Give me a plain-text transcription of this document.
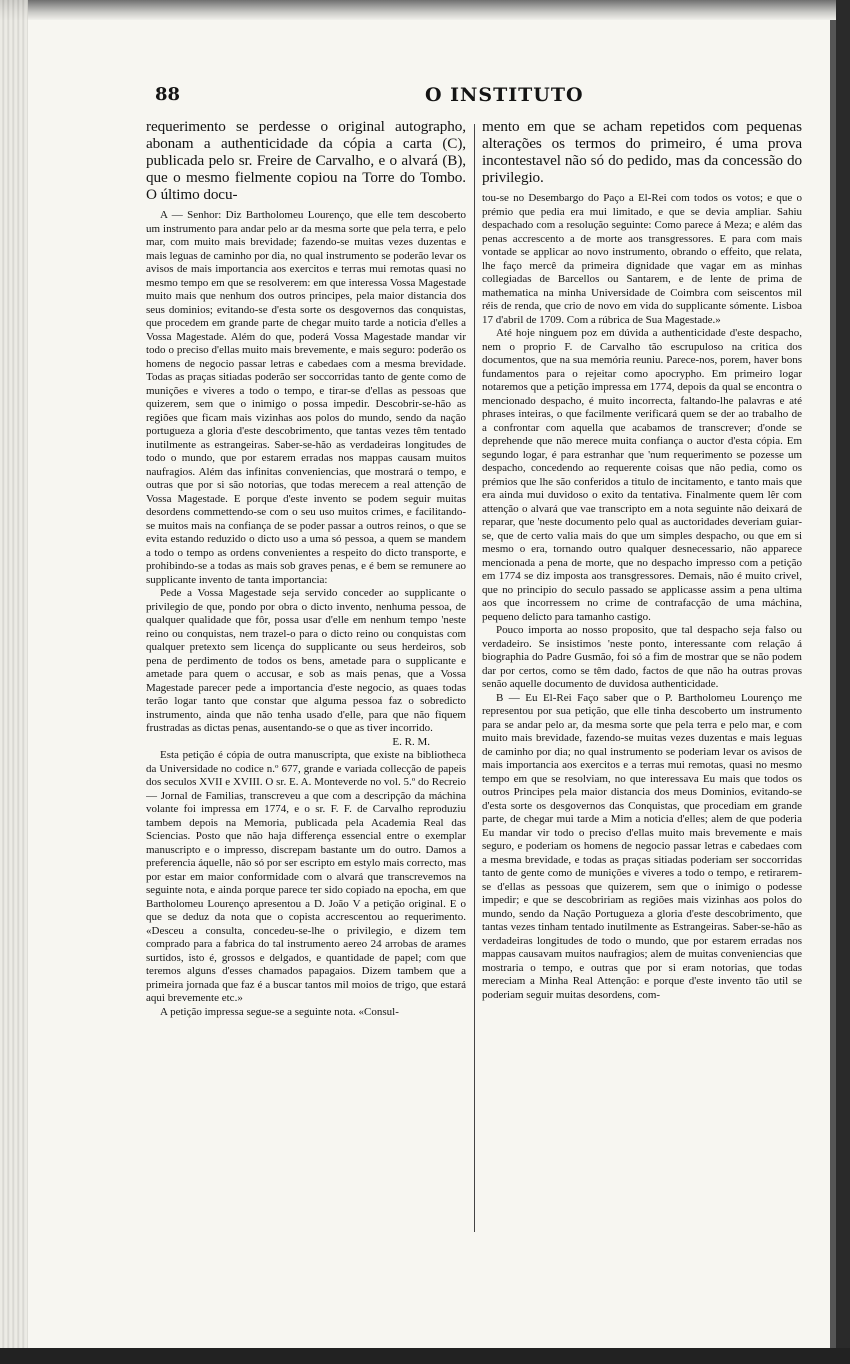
88	O INSTITUTO
requerimento se perdesse o original autographo, abonam a authenticidade da cópia a carta (C), publicada pelo sr. Freire de Carvalho, e o alvará (B), que o mesmo fielmente copiou na Torre do Tombo. O último docu-

A — Senhor: Diz Bartholomeu Lourenço, que elle tem descoberto um instrumento para andar pelo ar da mesma sorte que pela terra, e pelo mar, com muito mais brevidade; fazendo-se muitas vezes duzentas e mais leguas de caminho por dia, no qual instrumento se poderão levar os avisos de mais importancia aos exercitos e terras mui remotas quasi no mesmo tempo em que se resolverem: em que interessa Vossa Magestade muito mais que nenhum dos outros principes, pela maior distancia dos seus dominios; evitando-se d'esta sorte os desgovernos das conquistas, que procedem em grande parte de chegar muito tarde a noticia d'elles a Vossa Magestade. Além do que, poderá Vossa Magestade mandar vir todo o preciso d'ellas muito mais brevemente, e mais seguro: poderão os homens de negocio passar letras e cabedaes com a mesma brevidade. Todas as praças sitiadas poderão ser soccorridas tanto de gente como de munições e viveres a todo o tempo, e tirar-se d'ellas as pessoas que quizerem, sem que o inimigo o possa impedir. Descobrir-se-hão as regiões que ficam mais vizinhas aos polos do mundo, sendo da nação portugueza a gloria d'este descobrimento, que tantas vezes têm tentado inutilmente as estrangeiras. Saber-se-hão as verdadeiras longitudes de todo o mundo, que por estarem erradas nos mappas causam muitos naufragios. Além das infinitas conveniencias, que mostrará o tempo, e outras que por si são notorias, que todas merecem a real attenção de Vossa Magestade. E porque d'este invento se podem seguir muitas desordens commettendo-se com o seu uso muitos crimes, e facilitando-se muitos mais na confiança de se poder passar a outros reinos, o que se evita estando reduzido o dicto uso a uma só pessoa, a quem se mandem a todo o tempo as ordens convenientes a respeito do dicto transporte, e prohibindo-se a todas as mais sob graves penas, e é bem se remunere ao supplicante invento de tanta importancia:

Pede a Vossa Magestade seja servido conceder ao supplicante o privilegio de que, pondo por obra o dicto invento, nenhuma pessoa, de qualquer qualidade que fôr, possa usar d'elle em nenhum tempo 'neste reino ou conquistas, nem trazel-o para o dicto reino ou conquistas com qualquer pretexto sem licença do supplicante ou seus herdeiros, sob pena de perdimento de todos os bens, ametade para o supplicante e ametade para quem o accusar, e sob as mais penas, que a Vossa Magestade parecer pede a importancia d'este negocio, as quaes todas terão logar tanto que constar que alguma pessoa faz o sobredicto instrumento, ainda que não tenha usado d'elle, para que não fiquem frustradas as dictas penas, ausentando-se o que as tiver incorrido.

E. R. M.

Esta petição é cópia de outra manuscripta, que existe na bibliotheca da Universidade no codice n.º 677, grande e variada collecção de papeis dos seculos XVII e XVIII. O sr. E. A. Monteverde no vol. 5.º do Recreio — Jornal de Familias, transcreveu a que com a descripção da máchina volante foi impressa em 1774, e o sr. F. F. de Carvalho reproduziu tambem depois na Memoria, publicada pela Academia Real das Sciencias. Posto que não haja differença essencial entre o exemplar manuscripto e o impresso, discrepam bastante um do outro. Damos a preferencia áquelle, não só por ser escripto em estylo mais correcto, mas por estar em maior conformidade com o alvará que transcrevemos na seguinte nota, e ainda porque parece ter sido copiado na epocha, em que Bartholomeu Lourenço apresentou a D. João V a petição original. E o que se deduz da nota que o copista accrescentou ao requerimento. «Desceu a consulta, concedeu-se-lhe o privilegio, e dizem tem comprado para a fabrica do tal instrumento aereo 24 arrobas de arames surtidos, isto é, grossos e delgados, e quantidade de papel; com que teremos alguns d'esses chamados papagaios. Dizem tambem que a primeira jornada que faz é a buscar tantos mil moios de trigo, que estará aqui brevemente etc.»

A petição impressa segue-se a seguinte nota. «Consul-

mento em que se acham repetidos com pequenas alterações os termos do primeiro, é uma prova incontestavel não só do pedido, mas da concessão do privilegio.

tou-se no Desembargo do Paço a El-Rei com todos os votos; e que o prémio que pedia era mui limitado, e que se devia ampliar. Sahiu despachado com a resolução seguinte: Como parece á Meza; e além das penas accrescento a de morte aos transgressores. E para com mais vontade se applicar ao novo instrumento, obrando o effeito, que relata, lhe faço mercê da primeira dignidade que vagar em as minhas collegiadas de Barcellos ou Santarem, e de lente de prima de mathematica na minha Universidade de Coimbra com seiscentos mil réis de renda, que crio de novo em vida do supplicante sómente. Lisboa 17 d'abril de 1709. Com a rúbrica de Sua Magestade.»

Até hoje ninguem poz em dúvida a authenticidade d'este despacho, nem o proprio F. de Carvalho tão escrupuloso na critica dos documentos, que na sua memória reuniu. Parece-nos, porem, haver bons fundamentos para o rejeitar como apocrypho. Em primeiro logar notaremos que a petição impressa em 1774, depois da qual se encontra o mencionado despacho, é muito incorrecta, faltando-lhe palavras e até phrases inteiras, o que facilmente verificará quem se der ao trabalho de a confrontar com aquella que acabamos de transcrever; d'onde se deprehende que não merece muita confiança o auctor d'esta cópia. Em segundo logar, é para estranhar que 'num requerimento se pozesse um despacho, concedendo ao requerente coisas que não pedia, como os prémios que lhe são conferidos a titulo de incitamento, e tanto mais que era ainda mui duvidoso o exito da tentativa. Finalmente quem lêr com attenção o alvará que vae transcripto em a nota seguinte não deixará de reparar, que 'neste documento pelo qual as auctoridades deveriam guiar-se, que de certo valia mais do que um simples despacho, ou que em si mesmo o era, tornando outro qualquer desnecessario, não apparece mencionada a pena de morte, que no despacho impresso com a petição em 1774 se diz imposta aos transgressores. Demais, não é muito crivel, que no principio do seculo passado se applicasse assim a pena ultima aos que incorressem no crime de contrafacção de uma máchina, pequeno delicto para tamanho castigo.

Pouco importa ao nosso proposito, que tal despacho seja falso ou verdadeiro. Se insistimos 'neste ponto, interessante com relação á biographia do Padre Gusmão, foi só a fim de mostrar que se não podem dar por certos, como se têm dado, factos de que não ha outras provas senão aquelle documento de duvidosa authenticidade.

B — Eu El-Rei Faço saber que o P. Bartholomeu Lourenço me representou por sua petição, que elle tinha descoberto um instrumento para se andar pelo ar, da mesma sorte que pela terra e pelo mar, e com muito mais brevidade, fazendo-se muitas vezes duzentas e mais leguas de caminho por dia; no qual instrumento se poderiam levar os avisos de mais importancia aos exercitos e a terras mui remotas, quasi no mesmo tempo em que se resolviam, no que interessava Eu mais que todos os outros Principes pela maior distancia dos meus Dominios, evitando-se d'esta sorte os desgovernos das Conquistas, que procediam em grande parte, de chegar mui tarde a Mim a noticia d'elles; alem de que poderia Eu mandar vir todo o preciso d'ellas muito mais brevemente e mais seguro, e poderiam os homens de negocio passar letras e cabedaes com a mesma brevidade, e todas as praças sitiadas poderiam ser soccorridas tanto de gente como de munições e viveres a todo o tempo, e retirarem-se d'ellas as pessoas que quizerem, sem que o inimigo o podesse impedir; e que se descobririam as regiões mais vizinhas aos polos do mundo, sendo da Nação Portugueza a gloria d'este descobrimento, que tantas vezes tinham tentado inutilmente as Estrangeiras. Saber-se-hão as verdadeiras longitudes de todo o mundo, que por estarem erradas nos mappas causavam muitos naufragios; alem de muitas conveniencias que mostraria o tempo, e outras que por si eram notorias, que todas mereciam a Minha Real Attenção: e porque d'este invento tão util se poderiam seguir muitas desordens, com-
